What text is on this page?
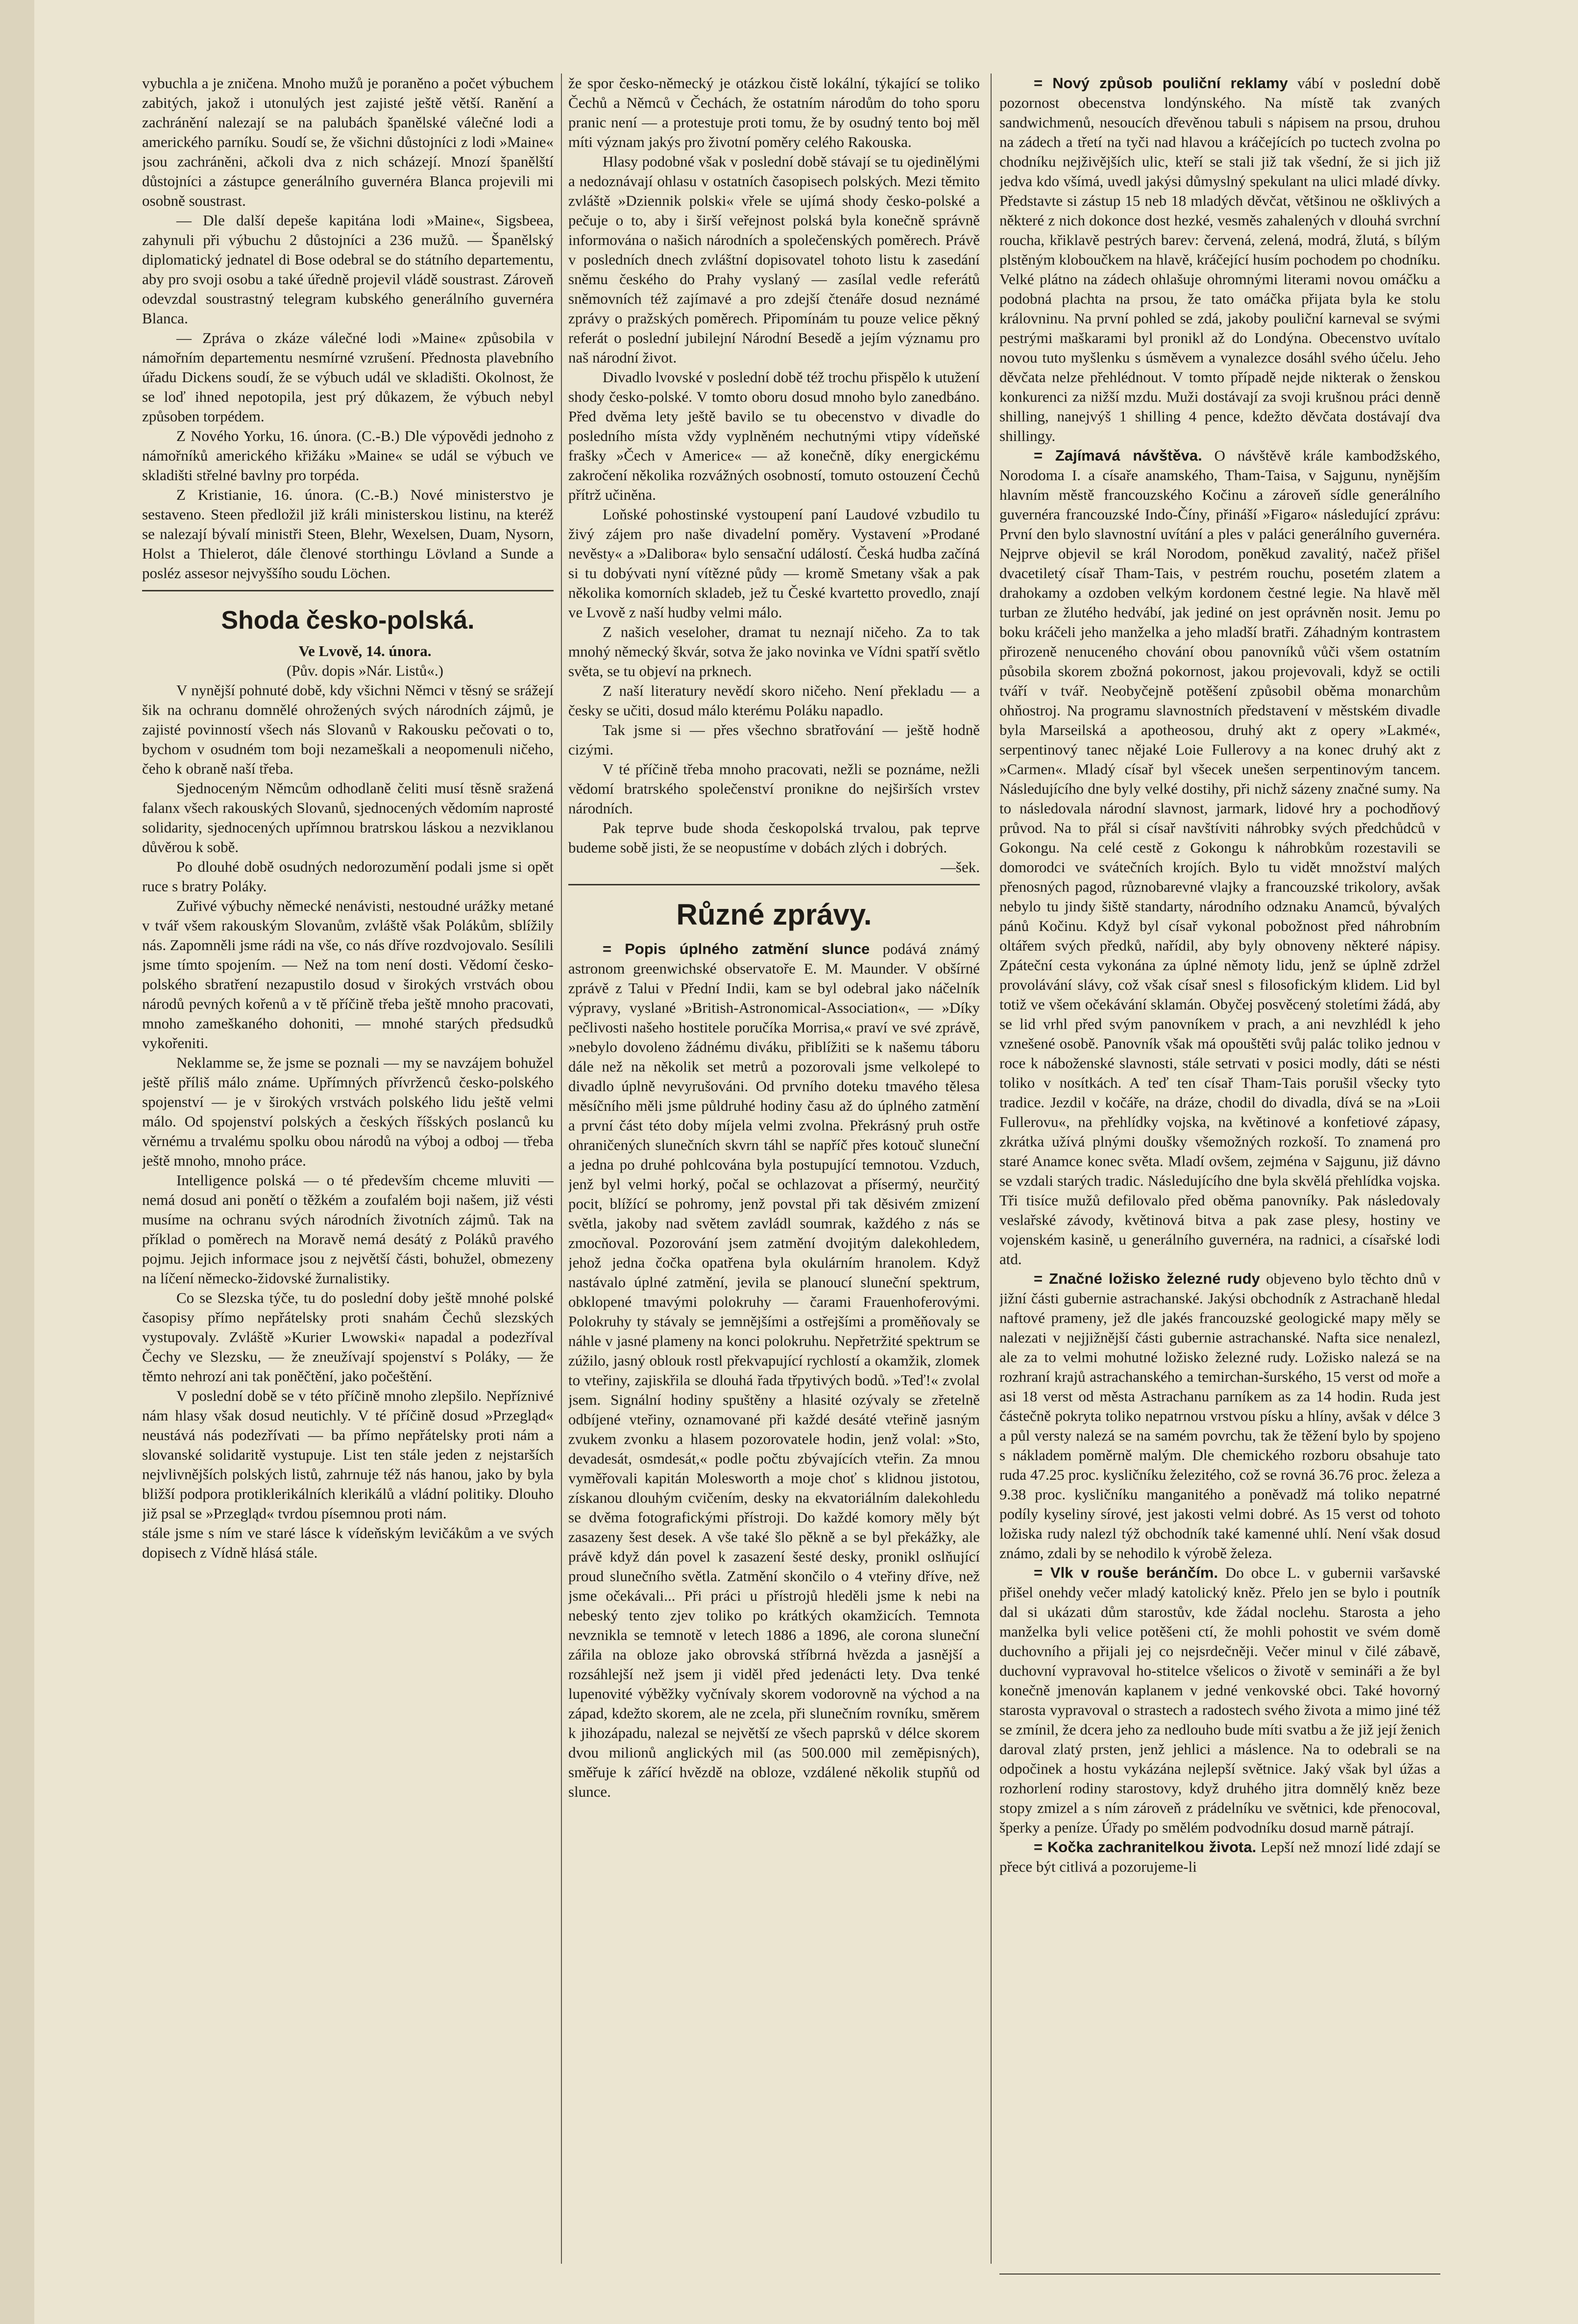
vybuchla a je zničena. Mnoho mužů je poraněno a počet výbuchem zabitých, jakož i utonulých jest zajisté ještě větší. Ranění a zachránění nalezají se na palubách španělské válečné lodi a amerického parníku. Soudí se, že všichni důstojníci z lodi »Maine« jsou zachráněni, ačkoli dva z nich scházejí. Mnozí španělští důstojníci a zástupce generálního guvernéra Blanca projevili mi osobně soustrast.

— Dle další depeše kapitána lodi »Maine«, Sigsbeea, zahynuli při výbuchu 2 důstojníci a 236 mužů. — Španělský diplomatický jednatel di Bose odebral se do státního departementu, aby pro svoji osobu a také úředně projevil vládě soustrast. Zároveň odevzdal soustrastný telegram kubského generálního guvernéra Blanca.

— Zpráva o zkáze válečné lodi »Maine« způsobila v námořním departementu nesmírné vzrušení. Přednosta plavebního úřadu Dickens soudí, že se výbuch udál ve skladišti. Okolnost, že se loď ihned nepotopila, jest prý důkazem, že výbuch nebyl způsoben torpédem.

Z Nového Yorku, 16. února. (C.-B.) Dle výpovědi jednoho z námořníků amerického křižáku »Maine« se udál se výbuch ve skladišti střelné bavlny pro torpéda.

Z Kristianie, 16. února. (C.-B.) Nové ministerstvo je sestaveno. Steen předložil již králi ministerskou listinu, na kteréž se nalezají bývalí ministři Steen, Blehr, Wexelsen, Duam, Nysorn, Holst a Thielerot, dále členové storthingu Lövland a Sunde a posléz assesor nejvyššího soudu Löchen.

Shoda česko-polská.

Ve Lvově, 14. února.

(Pův. dopis »Nár. Listů«.)

V nynější pohnuté době, kdy všichni Němci v těsný se srážejí šik na ochranu domnělé ohrožených svých národních zájmů, je zajisté povinností všech nás Slovanů v Rakousku pečovati o to, bychom v osudném tom boji nezameškali a neopomenuli ničeho, čeho k obraně naší třeba.

Sjednoceným Němcům odhodlaně čeliti musí těsně sražená falanx všech rakouských Slovanů, sjednocených vědomím naprosté solidarity, sjednocených upřímnou bratrskou láskou a nezviklanou důvěrou k sobě.

Po dlouhé době osudných nedorozumění podali jsme si opět ruce s bratry Poláky.

Zuřivé výbuchy německé nenávisti, nestoudné urážky metané v tvář všem rakouským Slovanům, zvláště však Polákům, sblížily nás. Zapomněli jsme rádi na vše, co nás dříve rozdvojovalo. Sesílili jsme tímto spojením. — Než na tom není dosti. Vědomí česko-polského sbratření nezapustilo dosud v širokých vrstvách obou národů pevných kořenů a v tě příčině třeba ještě mnoho pracovati, mnoho zameškaného dohoniti, — mnohé starých předsudků vykořeniti.

Neklamme se, že jsme se poznali — my se navzájem bohužel ještě příliš málo známe. Upřímných přívrženců česko-polského spojenství — je v širokých vrstvách polského lidu ještě velmi málo. Od spojenství polských a českých říšských poslanců ku věrnému a trvalému spolku obou národů na výboj a odboj — třeba ještě mnoho, mnoho práce.

Intelligence polská — o té především chceme mluviti — nemá dosud ani ponětí o těžkém a zoufalém boji našem, již vésti musíme na ochranu svých národních životních zájmů. Tak na příklad o poměrech na Moravě nemá desátý z Poláků pravého pojmu. Jejich informace jsou z největší části, bohužel, obmezeny na líčení německo-židovské žurnalistiky.

Co se Slezska týče, tu do poslední doby ještě mnohé polské časopisy přímo nepřátelsky proti snahám Čechů slezských vystupovaly. Zvláště »Kurier Lwowski« napadal a podezříval Čechy ve Slezsku, — že zneužívají spojenství s Poláky, — že těmto nehrozí ani tak poněčtění, jako počeštění.

V poslední době se v této příčině mnoho zlepšilo. Nepříznivé nám hlasy však dosud neutichly. V té příčině dosud »Przegląd« neustává nás podezřívati — ba přímo nepřátelsky proti nám a slovanské solidaritě vystupuje. List ten stále jeden z nejstarších nejvlivnějších polských listů, zahrnuje též nás hanou, jako by byla bližší podpora protiklerikálních klerikálů a vládní politiky. Dlouho již psal se »Przegląd« tvrdou písemnou proti nám.

stále jsme s ním ve staré lásce k vídeňským levičákům a ve svých dopisech z Vídně hlásá stále.

že spor česko-německý je otázkou čistě lokální, týkající se toliko Čechů a Němců v Čechách, že ostatním národům do toho sporu pranic není — a protestuje proti tomu, že by osudný tento boj měl míti význam jakýs pro životní poměry celého Rakouska.

Hlasy podobné však v poslední době stávají se tu ojedinělými a nedoznávají ohlasu v ostatních časopisech polských. Mezi těmito zvláště »Dziennik polski« vřele se ujímá shody česko-polské a pečuje o to, aby i širší veřejnost polská byla konečně správně informována o našich národních a společenských poměrech. Právě v posledních dnech zvláštní dopisovatel tohoto listu k zasedání sněmu českého do Prahy vyslaný — zasílal vedle referátů sněmovních též zajímavé a pro zdejší čtenáře dosud neznámé zprávy o pražských poměrech. Připomínám tu pouze velice pěkný referát o poslední jubilejní Národní Besedě a jejím významu pro naš národní život.

Divadlo lvovské v poslední době též trochu přispělo k utužení shody česko-polské. V tomto oboru dosud mnoho bylo zanedbáno. Před dvěma lety ještě bavilo se tu obecenstvo v divadle do posledního místa vždy vyplněném nechutnými vtipy vídeňské frašky »Čech v Americe« — až konečně, díky energickému zakročení několika rozvážných osobností, tomuto ostouzení Čechů přítrž učiněna.

Loňské pohostinské vystoupení paní Laudové vzbudilo tu živý zájem pro naše divadelní poměry. Vystavení »Prodané nevěsty« a »Dalibora« bylo sensační událostí. Česká hudba začíná si tu dobývati nyní vítězné půdy — kromě Smetany však a pak několika komorních skladeb, jež tu České kvartetto provedlo, znají ve Lvově z naší hudby velmi málo.

Z našich veseloher, dramat tu neznají ničeho. Za to tak mnohý německý škvár, sotva že jako novinka ve Vídni spatří světlo světa, se tu objeví na prknech.

Z naší literatury nevědí skoro ničeho. Není překladu — a česky se učiti, dosud málo kterému Poláku napadlo.

Tak jsme si — přes všechno sbratřování — ještě hodně cizými.

V té příčině třeba mnoho pracovati, nežli se poznáme, nežli vědomí bratrského společenství pronikne do nejširších vrstev národních.

Pak teprve bude shoda českopolská trvalou, pak teprve budeme sobě jisti, že se neopustíme v dobách zlých i dobrých.

—šek.

Různé zprávy.

= Popis úplného zatmění slunce podává známý astronom greenwichské observatoře E. M. Maunder. V obšírné zprávě z Talui v Přední Indii, kam se byl odebral jako náčelník výpravy, vyslané »British-Astronomical-Association«, — »Díky pečlivosti našeho hostitele poručíka Morrisa,« praví ve své zprávě, »nebylo dovoleno žádnému diváku, přiblížiti se k našemu táboru dále než na několik set metrů a pozorovali jsme velkolepé to divadlo úplně nevyrušováni. Od prvního doteku tmavého tělesa měsíčního měli jsme půldruhé hodiny času až do úplného zatmění a první část této doby míjela velmi zvolna. Překrásný pruh ostře ohraničených slunečních skvrn táhl se napříč přes kotouč sluneční a jedna po druhé pohlcována byla postupující temnotou. Vzduch, jenž byl velmi horký, počal se ochlazovat a přísermý, neurčitý pocit, blížící se pohromy, jenž povstal při tak děsivém zmizení světla, jakoby nad světem zavládl soumrak, každého z nás se zmocňoval. Pozorování jsem zatmění dvojitým dalekohledem, jehož jedna čočka opatřena byla okulárním hranolem. Když nastávalo úplné zatmění, jevila se planoucí sluneční spektrum, obklopené tmavými polokruhy — čarami Frauenhoferovými. Polokruhy ty stávaly se jemnějšími a ostřejšími a proměňovaly se náhle v jasné plameny na konci polokruhu. Nepřetržité spektrum se zúžilo, jasný oblouk rostl překvapující rychlostí a okamžik, zlomek to vteřiny, zajiskřila se dlouhá řada třpytivých bodů. »Teď!« zvolal jsem. Signální hodiny spuštěny a hlasité ozývaly se zřetelně odbíjené vteřiny, oznamované při každé desáté vteřině jasným zvukem zvonku a hlasem pozorovatele hodin, jenž volal: »Sto, devadesát, osmdesát,« podle počtu zbývajících vteřin. Za mnou vyměřovali kapitán Molesworth a moje choť s klidnou jistotou, získanou dlouhým cvičením, desky na ekvatoriálním dalekohledu se dvěma fotografickými přístroji. Do každé komory měly být zasazeny šest desek. A vše také šlo pěkně a se byl překážky, ale právě když dán povel k zasazení šesté desky, pronikl oslňující proud slunečního světla. Zatmění skončilo o 4 vteřiny dříve, než jsme očekávali... Při práci u přístrojů hleděli jsme k nebi na nebeský tento zjev toliko po krátkých okamžicích. Temnota nevznikla se temnotě v letech 1886 a 1896, ale corona sluneční zářila na obloze jako obrovská stříbrná hvězda a jasnější a rozsáhlejší než jsem ji viděl před jedenácti lety. Dva tenké lupenovité výběžky vyčnívaly skorem vodorovně na východ a na západ, kdežto skorem, ale ne zcela, při slunečním rovníku, směrem k jihozápadu, nalezal se největší ze všech paprsků v délce skorem dvou milionů anglických mil (as 500.000 mil zeměpisných), směřuje k zářící hvězdě na obloze, vzdálené několik stupňů od slunce.

= Nový způsob pouliční reklamy vábí v poslední době pozornost obecenstva londýnského. Na místě tak zvaných sandwichmenů, nesoucích dřevěnou tabuli s nápisem na prsou, druhou na zádech a třetí na tyči nad hlavou a kráčejících po tuctech zvolna po chodníku nejživějších ulic, kteří se stali již tak všední, že si jich již jedva kdo všímá, uvedl jakýsi důmyslný spekulant na ulici mladé dívky. Představte si zástup 15 neb 18 mladých děvčat, většinou ne ošklivých a některé z nich dokonce dost hezké, vesměs zahalených v dlouhá svrchní roucha, křiklavě pestrých barev: červená, zelená, modrá, žlutá, s bílým plstěným kloboučkem na hlavě, kráčející husím pochodem po chodníku. Velké plátno na zádech ohlašuje ohromnými literami novou omáčku a podobná plachta na prsou, že tato omáčka přijata byla ke stolu královninu. Na první pohled se zdá, jakoby pouliční karneval se svými pestrými maškarami byl pronikl až do Londýna. Obecenstvo uvítalo novou tuto myšlenku s úsměvem a vynalezce dosáhl svého účelu. Jeho děvčata nelze přehlédnout. V tomto případě nejde nikterak o ženskou konkurenci za nižší mzdu. Muži dostávají za svoji krušnou práci denně shilling, nanejvýš 1 shilling 4 pence, kdežto děvčata dostávají dva shillingy.

= Zajímavá návštěva. O návštěvě krále kambodžského, Norodoma I. a císaře anamského, Tham-Taisa, v Sajgunu, nynějším hlavním městě francouzského Kočinu a zároveň sídle generálního guvernéra francouzské Indo-Číny, přináší »Figaro« následující zprávu: První den bylo slavnostní uvítání a ples v paláci generálního guvernéra. Nejprve objevil se král Norodom, poněkud zavalitý, načež přišel dvacetiletý císař Tham-Tais, v pestrém rouchu, posetém zlatem a drahokamy a ozdoben velkým kordonem čestné legie. Na hlavě měl turban ze žlutého hedvábí, jak jediné on jest oprávněn nosit. Jemu po boku kráčeli jeho manželka a jeho mladší bratři. Záhadným kontrastem přirozeně nenuceného chování obou panovníků vůči všem ostatním působila skorem zbožná pokornost, jakou projevovali, když se octili tváří v tvář. Neobyčejně potěšení způsobil oběma monarchům ohňostroj. Na programu slavnostních představení v městském divadle byla Marseilská a apotheosou, druhý akt z opery »Lakmé«, serpentinový tanec nějaké Loie Fullerovy a na konec druhý akt z »Carmen«. Mladý císař byl všecek unešen serpentinovým tancem. Následujícího dne byly velké dostihy, při nichž sázeny značné sumy. Na to následovala národní slavnost, jarmark, lidové hry a pochodňový průvod. Na to přál si císař navštíviti náhrobky svých předchůdců v Gokongu. Na celé cestě z Gokongu k náhrobkům rozestavili se domorodci ve svátečních krojích. Bylo tu vidět množství malých přenosných pagod, různobarevné vlajky a francouzské trikolory, avšak nebylo tu jindy šiště standarty, národního odznaku Anamců, bývalých pánů Kočinu. Když byl císař vykonal pobožnost před náhrobním oltářem svých předků, nařídil, aby byly obnoveny některé nápisy. Zpáteční cesta vykonána za úplné němoty lidu, jenž se úplně zdržel provolávání slávy, což však císař snesl s filosofickým klidem. Lid byl totiž ve všem očekávání sklamán. Obyčej posvěcený stoletími žádá, aby se lid vrhl před svým panovníkem v prach, a ani nevzhlédl k jeho vznešené osobě. Panovník však má opouštěti svůj palác toliko jednou v roce k náboženské slavnosti, stále setrvati v posici modly, dáti se nésti toliko v nosítkách. A teď ten císař Tham-Tais porušil všecky tyto tradice. Jezdil v kočáře, na dráze, chodil do divadla, dívá se na »Loii Fullerovu«, na přehlídky vojska, na květinové a konfetiové zápasy, zkrátka užívá plnými doušky všemožných rozkoší. To znamená pro staré Anamce konec světa. Mladí ovšem, zejména v Sajgunu, již dávno se vzdali starých tradic. Následujícího dne byla skvělá přehlídka vojska. Tři tisíce mužů defilovalo před oběma panovníky. Pak následovaly veslařské závody, květinová bitva a pak zase plesy, hostiny ve vojenském kasině, u generálního guvernéra, na radnici, a císařské lodi atd.

= Značné ložisko železné rudy objeveno bylo těchto dnů v jižní části gubernie astrachanské. Jakýsi obchodník z Astrachaně hledal naftové prameny, jež dle jakés francouzské geologické mapy měly se nalezati v nejjižnější části gubernie astrachanské. Nafta sice nenalezl, ale za to velmi mohutné ložisko železné rudy. Ložisko nalezá se na rozhraní krajů astrachanského a temirchan-šurského, 15 verst od moře a asi 18 verst od města Astrachanu parníkem as za 14 hodin. Ruda jest částečně pokryta toliko nepatrnou vrstvou písku a hlíny, avšak v délce 3 a půl versty nalezá se na samém povrchu, tak že těžení bylo by spojeno s nákladem poměrně malým. Dle chemického rozboru obsahuje tato ruda 47.25 proc. kysličníku železitého, což se rovná 36.76 proc. železa a 9.38 proc. kysličníku manganitého a poněvadž má toliko nepatrné podíly kyseliny sírové, jest jakosti velmi dobré. As 15 verst od tohoto ložiska rudy nalezl týž obchodník také kamenné uhlí. Není však dosud známo, zdali by se nehodilo k výrobě železa.

= Vlk v rouše beránčím. Do obce L. v gubernii varšavské přišel onehdy večer mladý katolický kněz. Přelo jen se bylo i poutník dal si ukázati dům starostův, kde žádal noclehu. Starosta a jeho manželka byli velice potěšeni ctí, že mohli pohostit ve svém domě duchovního a přijali jej co nejsrdečněji. Večer minul v čilé zábavě, duchovní vypravoval ho-stitelce všelicos o životě v semináři a že byl konečně jmenován kaplanem v jedné venkovské obci. Také hovorný starosta vypravoval o strastech a radostech svého života a mimo jiné též se zmínil, že dcera jeho za nedlouho bude míti svatbu a že již její ženich daroval zlatý prsten, jenž jehlici a máslence. Na to odebrali se na odpočinek a hostu vykázána nejlepší světnice. Jaký však byl úžas a rozhorlení rodiny starostovy, když druhého jitra domnělý kněz beze stopy zmizel a s ním zároveň z prádelníku ve světnici, kde přenocoval, šperky a peníze. Úřady po smělém podvodníku dosud marně pátrají.

= Kočka zachranitelkou života. Lepší než mnozí lidé zdají se přece být citlivá a pozorujeme-li
